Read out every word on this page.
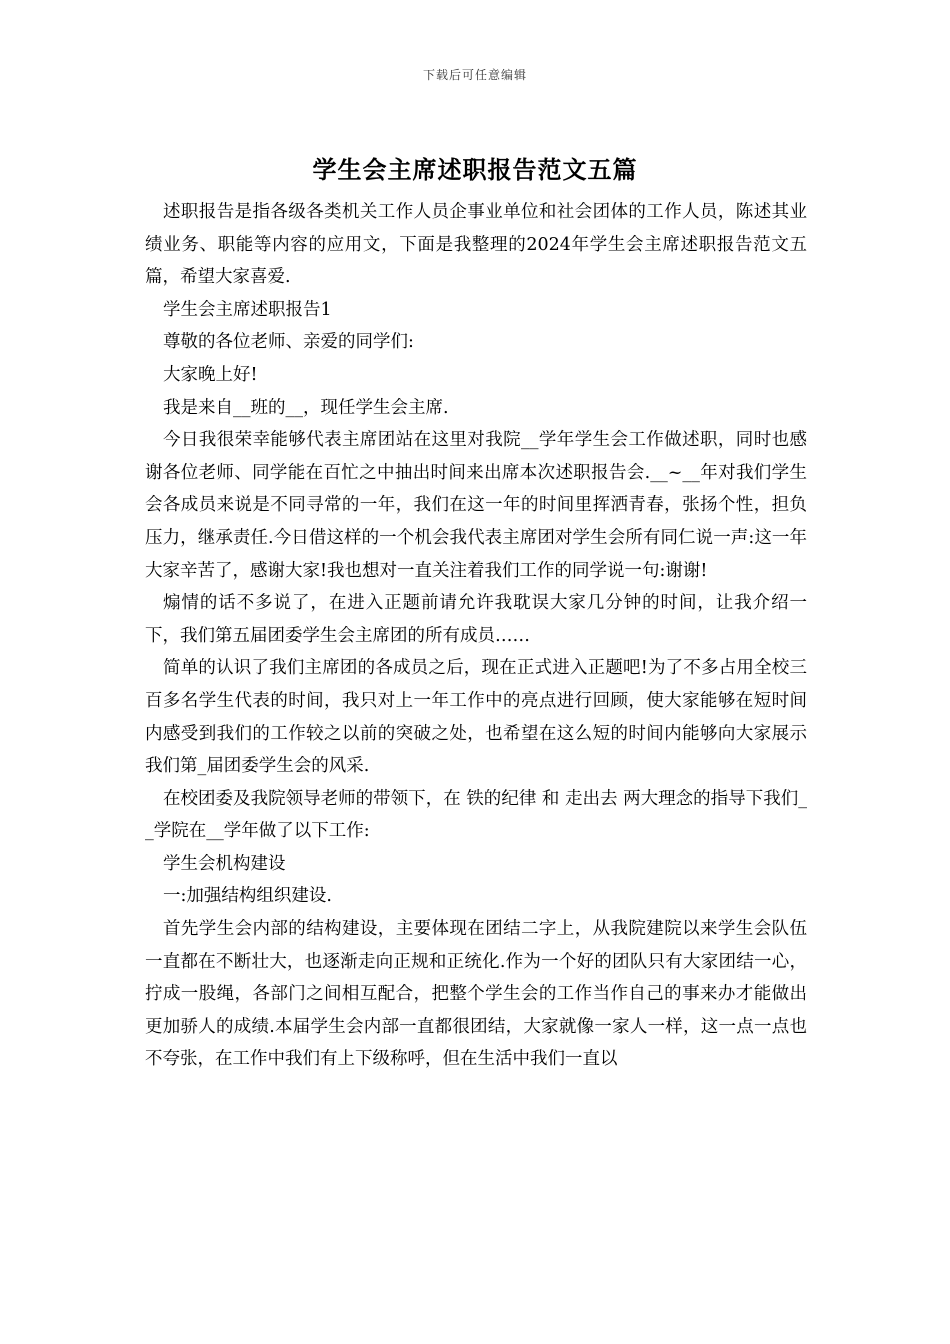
下载后可任意编辑
学生会主席述职报告范文五篇

述职报告是指各级各类机关工作人员企事业单位和社会团体的工作人员，陈述其业绩业务、职能等内容的应用文，下面是我整理的2024年学生会主席述职报告范文五篇，希望大家喜爱.

学生会主席述职报告1

尊敬的各位老师、亲爱的同学们:

大家晚上好!

我是来自__班的__，现任学生会主席.

今日我很荣幸能够代表主席团站在这里对我院__学年学生会工作做述职，同时也感谢各位老师、同学能在百忙之中抽出时间来出席本次述职报告会.__~__年对我们学生会各成员来说是不同寻常的一年，我们在这一年的时间里挥洒青春，张扬个性，担负压力，继承责任.今日借这样的一个机会我代表主席团对学生会所有同仁说一声:这一年大家辛苦了，感谢大家!我也想对一直关注着我们工作的同学说一句:谢谢!

煽情的话不多说了，在进入正题前请允许我耽误大家几分钟的时间，让我介绍一下，我们第五届团委学生会主席团的所有成员……

简单的认识了我们主席团的各成员之后，现在正式进入正题吧!为了不多占用全校三百多名学生代表的时间，我只对上一年工作中的亮点进行回顾，使大家能够在短时间内感受到我们的工作较之以前的突破之处，也希望在这么短的时间内能够向大家展示我们第_届团委学生会的风采.

在校团委及我院领导老师的带领下，在 铁的纪律 和 走出去 两大理念的指导下我们__学院在__学年做了以下工作:

学生会机构建设

一:加强结构组织建设.

首先学生会内部的结构建设，主要体现在团结二字上，从我院建院以来学生会队伍一直都在不断壮大，也逐渐走向正规和正统化.作为一个好的团队只有大家团结一心，拧成一股绳，各部门之间相互配合，把整个学生会的工作当作自己的事来办才能做出更加骄人的成绩.本届学生会内部一直都很团结，大家就像一家人一样，这一点一点也不夸张，在工作中我们有上下级称呼，但在生活中我们一直以
